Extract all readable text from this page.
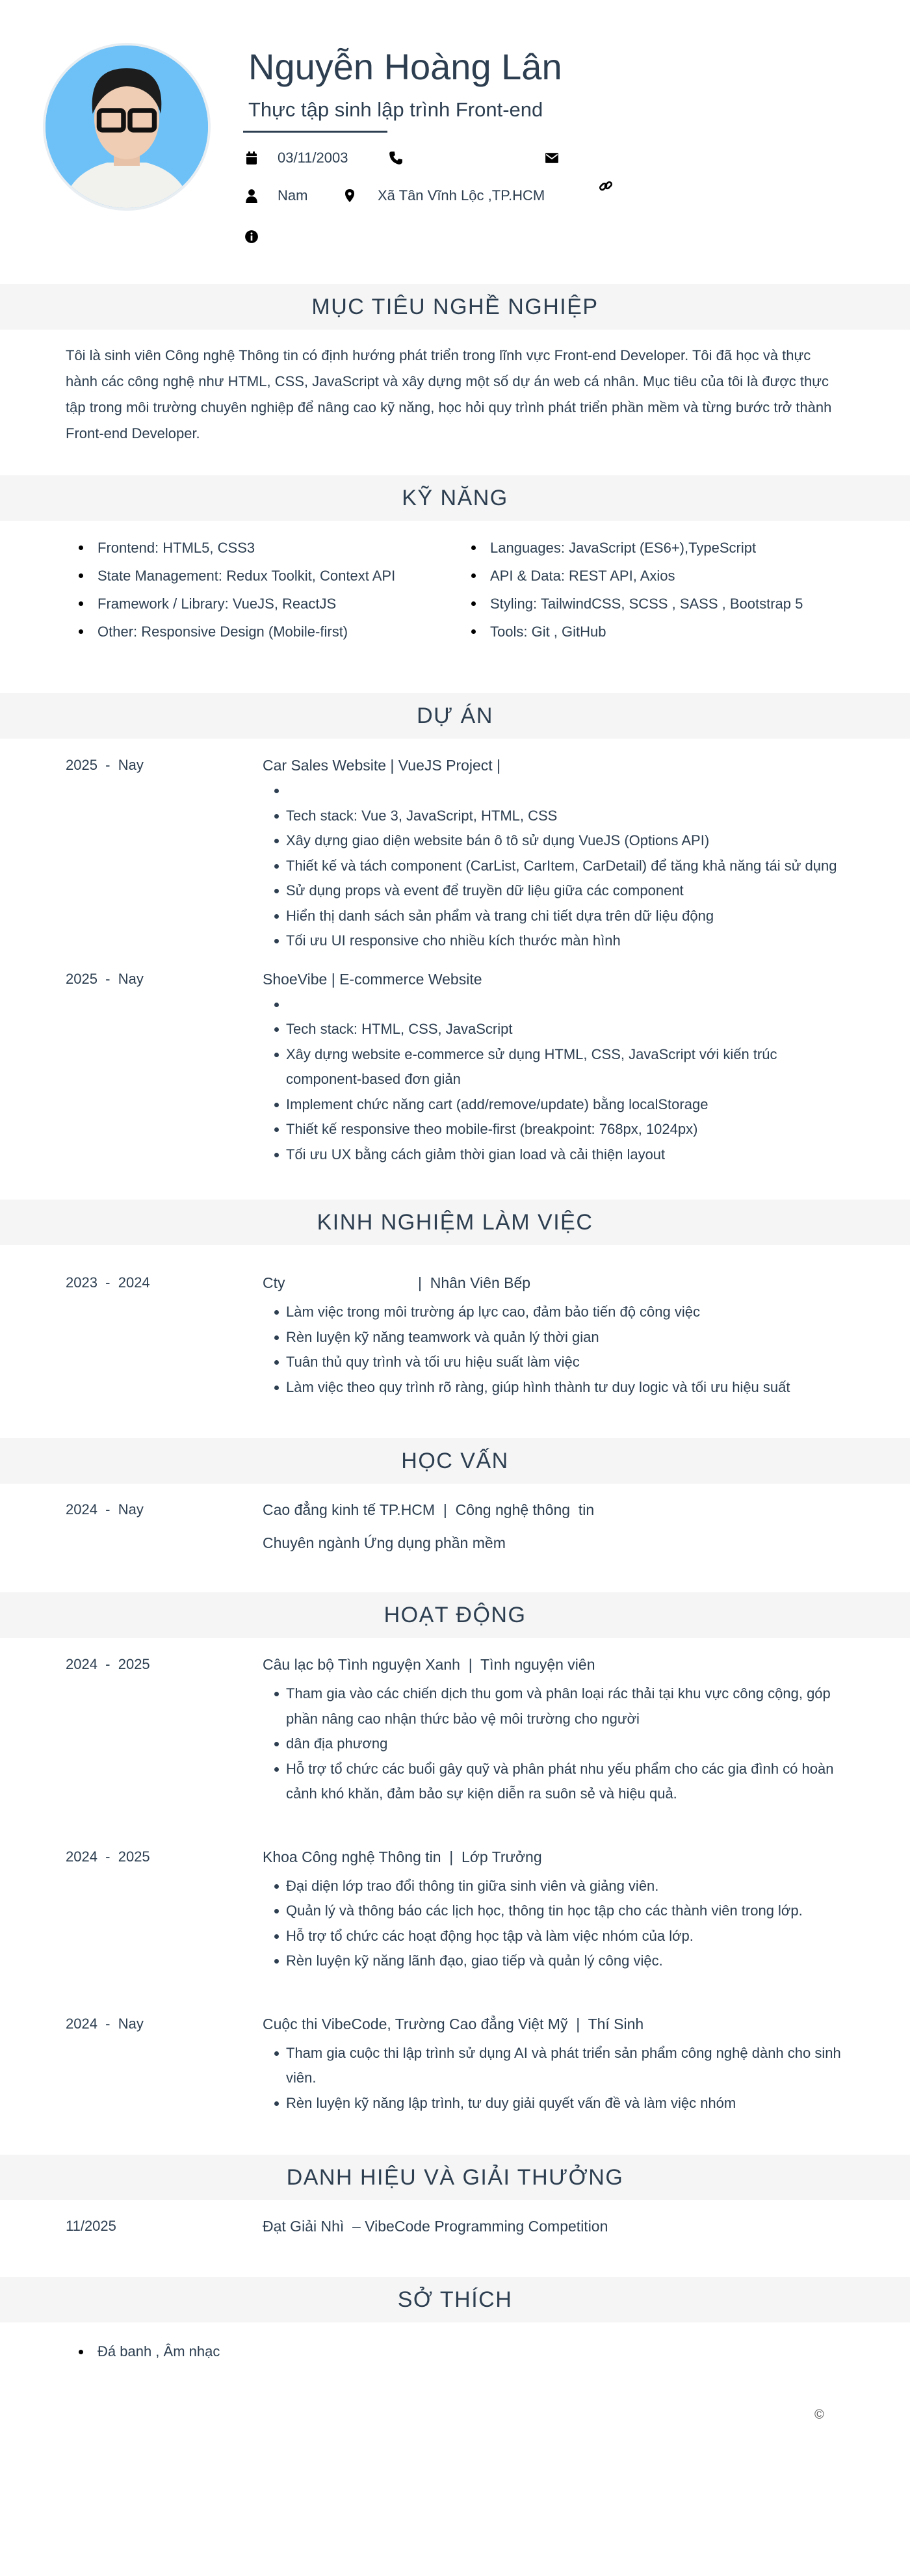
Nguyễn Hoàng Lân
Thực tập sinh lập trình Front-end
03/11/2003
Nam	Xã Tân Vĩnh Lộc ,TP.HCM
MỤC TIÊU NGHỀ NGHIỆP

Tôi là sinh viên Công nghệ Thông tin có định hướng phát triển trong lĩnh vực Front-end Developer. Tôi đã học và thực hành các công nghệ như HTML, CSS, JavaScript và xây dựng một số dự án web cá nhân. Mục tiêu của tôi là được thực tập trong môi trường chuyên nghiệp để nâng cao kỹ năng, học hỏi quy trình phát triển phần mềm và từng bước trở thành Front-end Developer.

KỸ NĂNG
Frontend: HTML5, CSS3	Languages: JavaScript (ES6+),TypeScript
State Management: Redux Toolkit, Context API	API & Data: REST API, Axios
Framework / Library: VueJS, ReactJS	Styling: TailwindCSS, SCSS , SASS , Bootstrap 5
Other: Responsive Design (Mobile-first)	Tools: Git , GitHub
DỰ ÁN
2025  -  Nay	Car Sales Website | VueJS Project |
Tech stack: Vue 3, JavaScript, HTML, CSS
Xây dựng giao diện website bán ô tô sử dụng VueJS (Options API)
Thiết kế và tách component (CarList, CarItem, CarDetail) để tăng khả năng tái sử dụng
Sử dụng props và event để truyền dữ liệu giữa các component
Hiển thị danh sách sản phẩm và trang chi tiết dựa trên dữ liệu động
Tối ưu UI responsive cho nhiều kích thước màn hình
2025  -  Nay	ShoeVibe | E-commerce Website
Tech stack: HTML, CSS, JavaScript
Xây dựng website e-commerce sử dụng HTML, CSS, JavaScript với kiến trúc component-based đơn giản
Implement chức năng cart (add/remove/update) bằng localStorage
Thiết kế responsive theo mobile-first (breakpoint: 768px, 1024px)
Tối ưu UX bằng cách giảm thời gian load và cải thiện layout
KINH NGHIỆM LÀM VIỆC
2023  -  2024	Cty                                |  Nhân Viên Bếp
Làm việc trong môi trường áp lực cao, đảm bảo tiến độ công việc
Rèn luyện kỹ năng teamwork và quản lý thời gian
Tuân thủ quy trình và tối ưu hiệu suất làm việc
Làm việc theo quy trình rõ ràng, giúp hình thành tư duy logic và tối ưu hiệu suất
HỌC VẤN
2024  -  Nay	Cao đẳng kinh tế TP.HCM  |  Công nghệ thông  tin
Chuyên ngành Ứng dụng phần mềm
HOẠT ĐỘNG
2024  -  2025	Câu lạc bộ Tình nguyện Xanh  |  Tình nguyện viên
Tham gia vào các chiến dịch thu gom và phân loại rác thải tại khu vực công cộng, góp phần nâng cao nhận thức bảo vệ môi trường cho người
dân địa phương
Hỗ trợ tổ chức các buổi gây quỹ và phân phát nhu yếu phẩm cho các gia đình có hoàn cảnh khó khăn, đảm bảo sự kiện diễn ra suôn sẻ và hiệu quả.
2024  -  2025	Khoa Công nghệ Thông tin  |  Lớp Trưởng
Đại diện lớp trao đổi thông tin giữa sinh viên và giảng viên.
Quản lý và thông báo các lịch học, thông tin học tập cho các thành viên trong lớp.
Hỗ trợ tổ chức các hoạt động học tập và làm việc nhóm của lớp.
Rèn luyện kỹ năng lãnh đạo, giao tiếp và quản lý công việc.
2024  -  Nay	Cuộc thi VibeCode, Trường Cao đẳng Việt Mỹ  |  Thí Sinh
Tham gia cuộc thi lập trình sử dụng AI và phát triển sản phẩm công nghệ dành cho sinh viên.
Rèn luyện kỹ năng lập trình, tư duy giải quyết vấn đề và làm việc nhóm
DANH HIỆU VÀ GIẢI THƯỞNG
11/2025	Đạt Giải Nhì  – VibeCode Programming Competition
SỞ THÍCH
Đá banh , Âm nhạc
©
